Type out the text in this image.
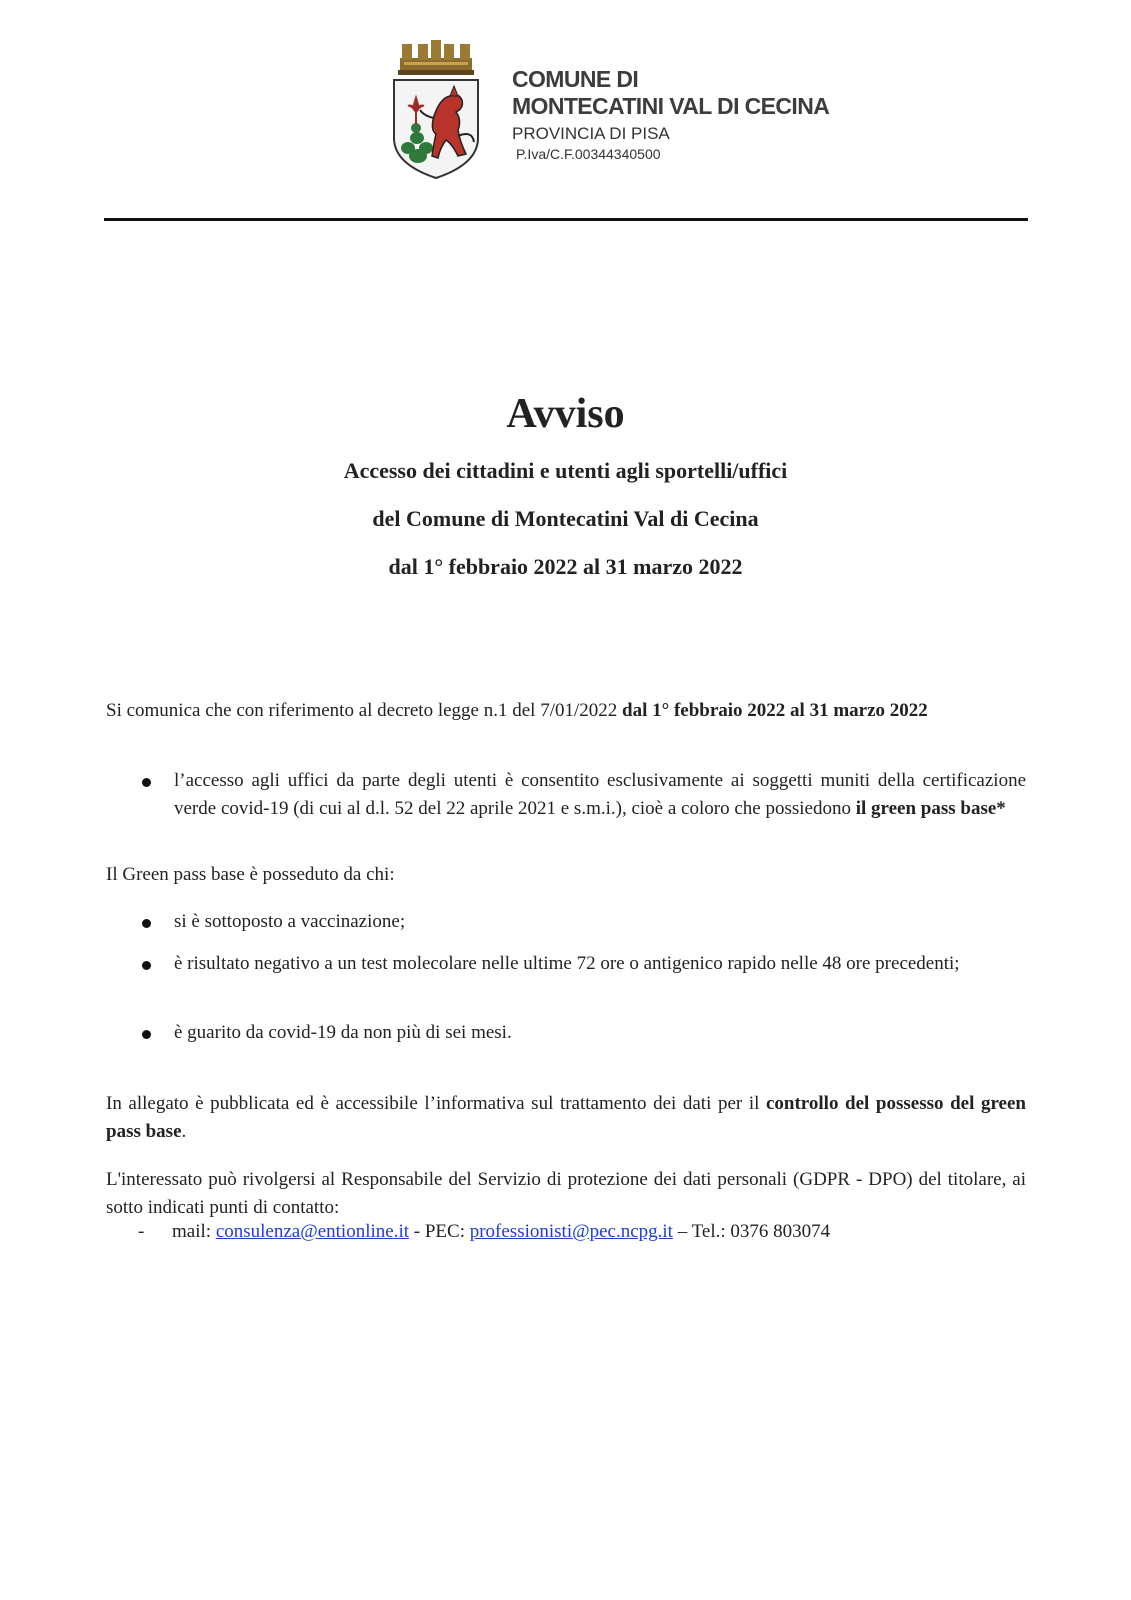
COMUNE DI
MONTECATINI VAL DI CECINA
PROVINCIA DI PISA
P.Iva/C.F.00344340500
Avviso
Accesso dei cittadini e utenti agli sportelli/uffici
del Comune di Montecatini Val di Cecina
dal 1° febbraio 2022 al 31 marzo 2022
Si comunica che con riferimento al decreto legge n.1 del 7/01/2022 dal 1° febbraio 2022 al 31 marzo 2022
l’accesso agli uffici da parte degli utenti è consentito esclusivamente ai soggetti muniti della certificazione verde covid-19 (di cui al d.l. 52 del 22 aprile 2021 e s.m.i.), cioè a coloro che possiedono il green pass base*
Il Green pass base è posseduto da chi:
si è sottoposto a vaccinazione;
è risultato negativo a un test molecolare nelle ultime 72 ore o antigenico rapido nelle 48 ore precedenti;
è guarito da covid-19 da non più di sei mesi.
In allegato è pubblicata ed è accessibile l’informativa sul trattamento dei dati per il controllo del possesso del green pass base.
L'interessato può rivolgersi al Responsabile del Servizio di protezione dei dati personali (GDPR - DPO) del titolare, ai sotto indicati punti di contatto:
- mail: consulenza@entionline.it - PEC: professionisti@pec.ncpg.it – Tel.: 0376 803074
